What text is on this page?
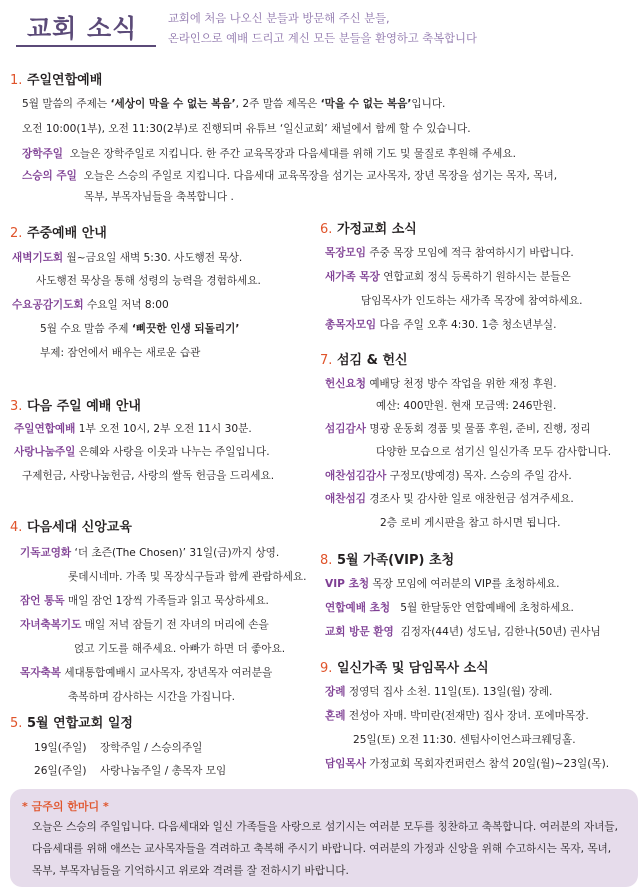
교회 소식	교회에 처음 나오신 분들과 방문해 주신 분들,
온라인으로 예배 드리고 계신 모든 분들을 환영하고 축복합니다
1. 주일연합예배
5월 말씀의 주제는 ‘세상이 막을 수 없는 복음’, 2주 말씀 제목은 ‘막을 수 없는 복음’입니다.
오전 10:00(1부), 오전 11:30(2부)로 진행되며 유튜브 ‘일신교회’ 채널에서 함께 할 수 있습니다.
장학주일 오늘은 장학주일로 지킵니다. 한 주간 교육목장과 다음세대를 위해 기도 및 물질로 후원해 주세요.
스승의 주일 오늘은 스승의 주일로 지킵니다. 다음세대 교육목장을 섬기는 교사목자, 장년 목장을 섬기는 목자, 목녀,
목부, 부목자님들을 축복합니다 .
2. 주중예배 안내
새벽기도회 월~금요일 새벽 5:30. 사도행전 묵상.
사도행전 묵상을 통해 성령의 능력을 경험하세요.
수요공감기도회 수요일 저녁 8:00
5월 수요 말씀 주제 ‘삐끗한 인생 되돌리기’
부제: 잠언에서 배우는 새로운 습관
3. 다음 주일 예배 안내
주일연합예배 1부 오전 10시, 2부 오전 11시 30분.
사랑나눔주일 은혜와 사랑을 이웃과 나누는 주일입니다.
구제헌금, 사랑나눔헌금, 사랑의 쌀독 헌금을 드리세요.
4. 다음세대 신앙교육
기독교영화 ‘더 초즌(The Chosen)’ 31일(금)까지 상영.
롯데시네마. 가족 및 목장식구들과 함께 관람하세요.
잠언 통독 매일 잠언 1장씩 가족들과 읽고 묵상하세요.
자녀축복기도 매일 저녁 잠들기 전 자녀의 머리에 손을
얹고 기도를 해주세요. 아빠가 하면 더 좋아요.
목자축복 세대통합예배시 교사목자, 장년목자 여러분을
축복하며 감사하는 시간을 가집니다.
5. 5월 연합교회 일정
19일(주일) 장학주일 / 스승의주일
26일(주일) 사랑나눔주일 / 총목자 모임
6. 가정교회 소식
목장모임 주중 목장 모임에 적극 참여하시기 바랍니다.
새가족 목장 연합교회 정식 등록하기 원하시는 분들은
담임목사가 인도하는 새가족 목장에 참여하세요.
총목자모임 다음 주일 오후 4:30. 1층 청소년부실.
7. 섬김 & 헌신
헌신요청 예배당 천정 방수 작업을 위한 재정 후원.
예산: 400만원. 현재 모금액: 246만원.
섬김감사 명광 운동회 경품 및 물품 후원, 준비, 진행, 정리
다양한 모습으로 섬기신 일신가족 모두 감사합니다.
애찬섬김감사 구정모(방예경) 목자. 스승의 주일 감사.
애찬섬김 경조사 및 감사한 일로 애찬헌금 섬겨주세요.
2층 로비 게시판을 참고 하시면 됩니다.
8. 5월 가족(VIP) 초청
VIP 초청 목장 모임에 여러분의 VIP를 초청하세요.
연합예배 초청 5월 한달동안 연합예배에 초청하세요.
교회 방문 환영 김정자(44년) 성도님, 김한나(50년) 권사님
9. 일신가족 및 담임목사 소식
장례 정영덕 집사 소천. 11일(토). 13일(월) 장례.
혼례 전성아 자매. 박미란(전재만) 집사 장녀. 포에마목장.
25일(토) 오전 11:30. 센텀사이언스파크웨딩홀.
담임목사 가정교회 목회자컨퍼런스 참석 20일(월)~23일(목).
* 금주의 한마디 *
오늘은 스승의 주일입니다. 다음세대와 일신 가족들을 사랑으로 섬기시는 여러분 모두를 칭찬하고 축복합니다. 여러분의 자녀들, 다음세대를 위해 애쓰는 교사목자들을 격려하고 축복해 주시기 바랍니다. 여러분의 가정과 신앙을 위해 수고하시는 목자, 목녀, 목부, 부목자님들을 기억하시고 위로와 격려를 잘 전하시기 바랍니다.
